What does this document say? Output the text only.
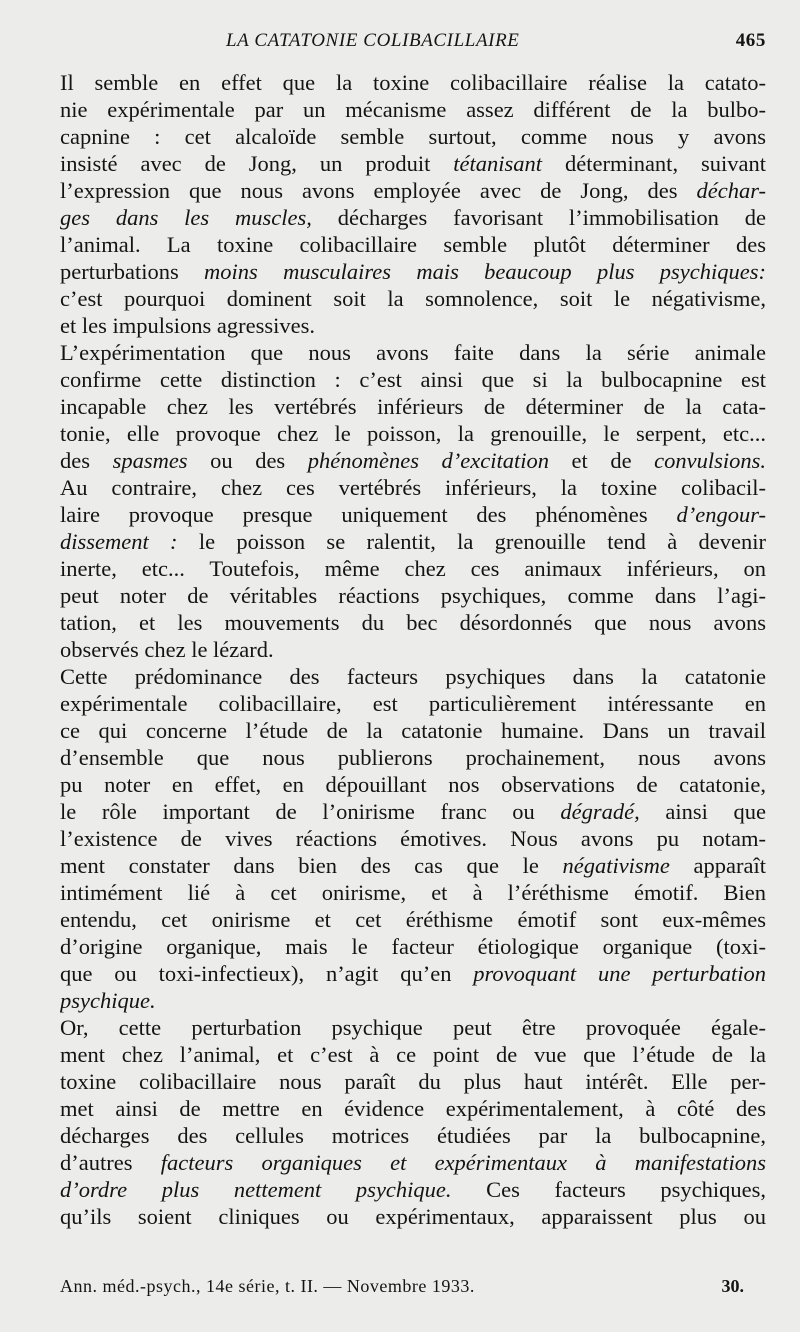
LA CATATONIE COLIBACILLAIRE	465
Il semble en effet que la toxine colibacillaire réalise la catato-
nie expérimentale par un mécanisme assez différent de la bulbo-
capnine : cet alcaloïde semble surtout, comme nous y avons
insisté avec de Jong, un produit tétanisant déterminant, suivant
l’expression que nous avons employée avec de Jong, des déchar-
ges dans les muscles, décharges favorisant l’immobilisation de
l’animal. La toxine colibacillaire semble plutôt déterminer des
perturbations moins musculaires mais beaucoup plus psychiques:
c’est pourquoi dominent soit la somnolence, soit le négativisme,
et les impulsions agressives.
L’expérimentation que nous avons faite dans la série animale
confirme cette distinction : c’est ainsi que si la bulbocapnine est
incapable chez les vertébrés inférieurs de déterminer de la cata-
tonie, elle provoque chez le poisson, la grenouille, le serpent, etc...
des spasmes ou des phénomènes d’excitation et de convulsions.
Au contraire, chez ces vertébrés inférieurs, la toxine colibacil-
laire provoque presque uniquement des phénomènes d’engour-
dissement : le poisson se ralentit, la grenouille tend à devenir
inerte, etc... Toutefois, même chez ces animaux inférieurs, on
peut noter de véritables réactions psychiques, comme dans l’agi-
tation, et les mouvements du bec désordonnés que nous avons
observés chez le lézard.
Cette prédominance des facteurs psychiques dans la catatonie
expérimentale colibacillaire, est particulièrement intéressante en
ce qui concerne l’étude de la catatonie humaine. Dans un travail
d’ensemble que nous publierons prochainement, nous avons
pu noter en effet, en dépouillant nos observations de catatonie,
le rôle important de l’onirisme franc ou dégradé, ainsi que
l’existence de vives réactions émotives. Nous avons pu notam-
ment constater dans bien des cas que le négativisme apparaît
intimément lié à cet onirisme, et à l’éréthisme émotif. Bien
entendu, cet onirisme et cet éréthisme émotif sont eux-mêmes
d’origine organique, mais le facteur étiologique organique (toxi-
que ou toxi-infectieux), n’agit qu’en provoquant une perturbation
psychique.
Or, cette perturbation psychique peut être provoquée égale-
ment chez l’animal, et c’est à ce point de vue que l’étude de la
toxine colibacillaire nous paraît du plus haut intérêt. Elle per-
met ainsi de mettre en évidence expérimentalement, à côté des
décharges des cellules motrices étudiées par la bulbocapnine,
d’autres facteurs organiques et expérimentaux à manifestations
d’ordre plus nettement psychique. Ces facteurs psychiques,
qu’ils soient cliniques ou expérimentaux, apparaissent plus ou
Ann. méd.-psych., 14e série, t. II. — Novembre 1933.	30.
